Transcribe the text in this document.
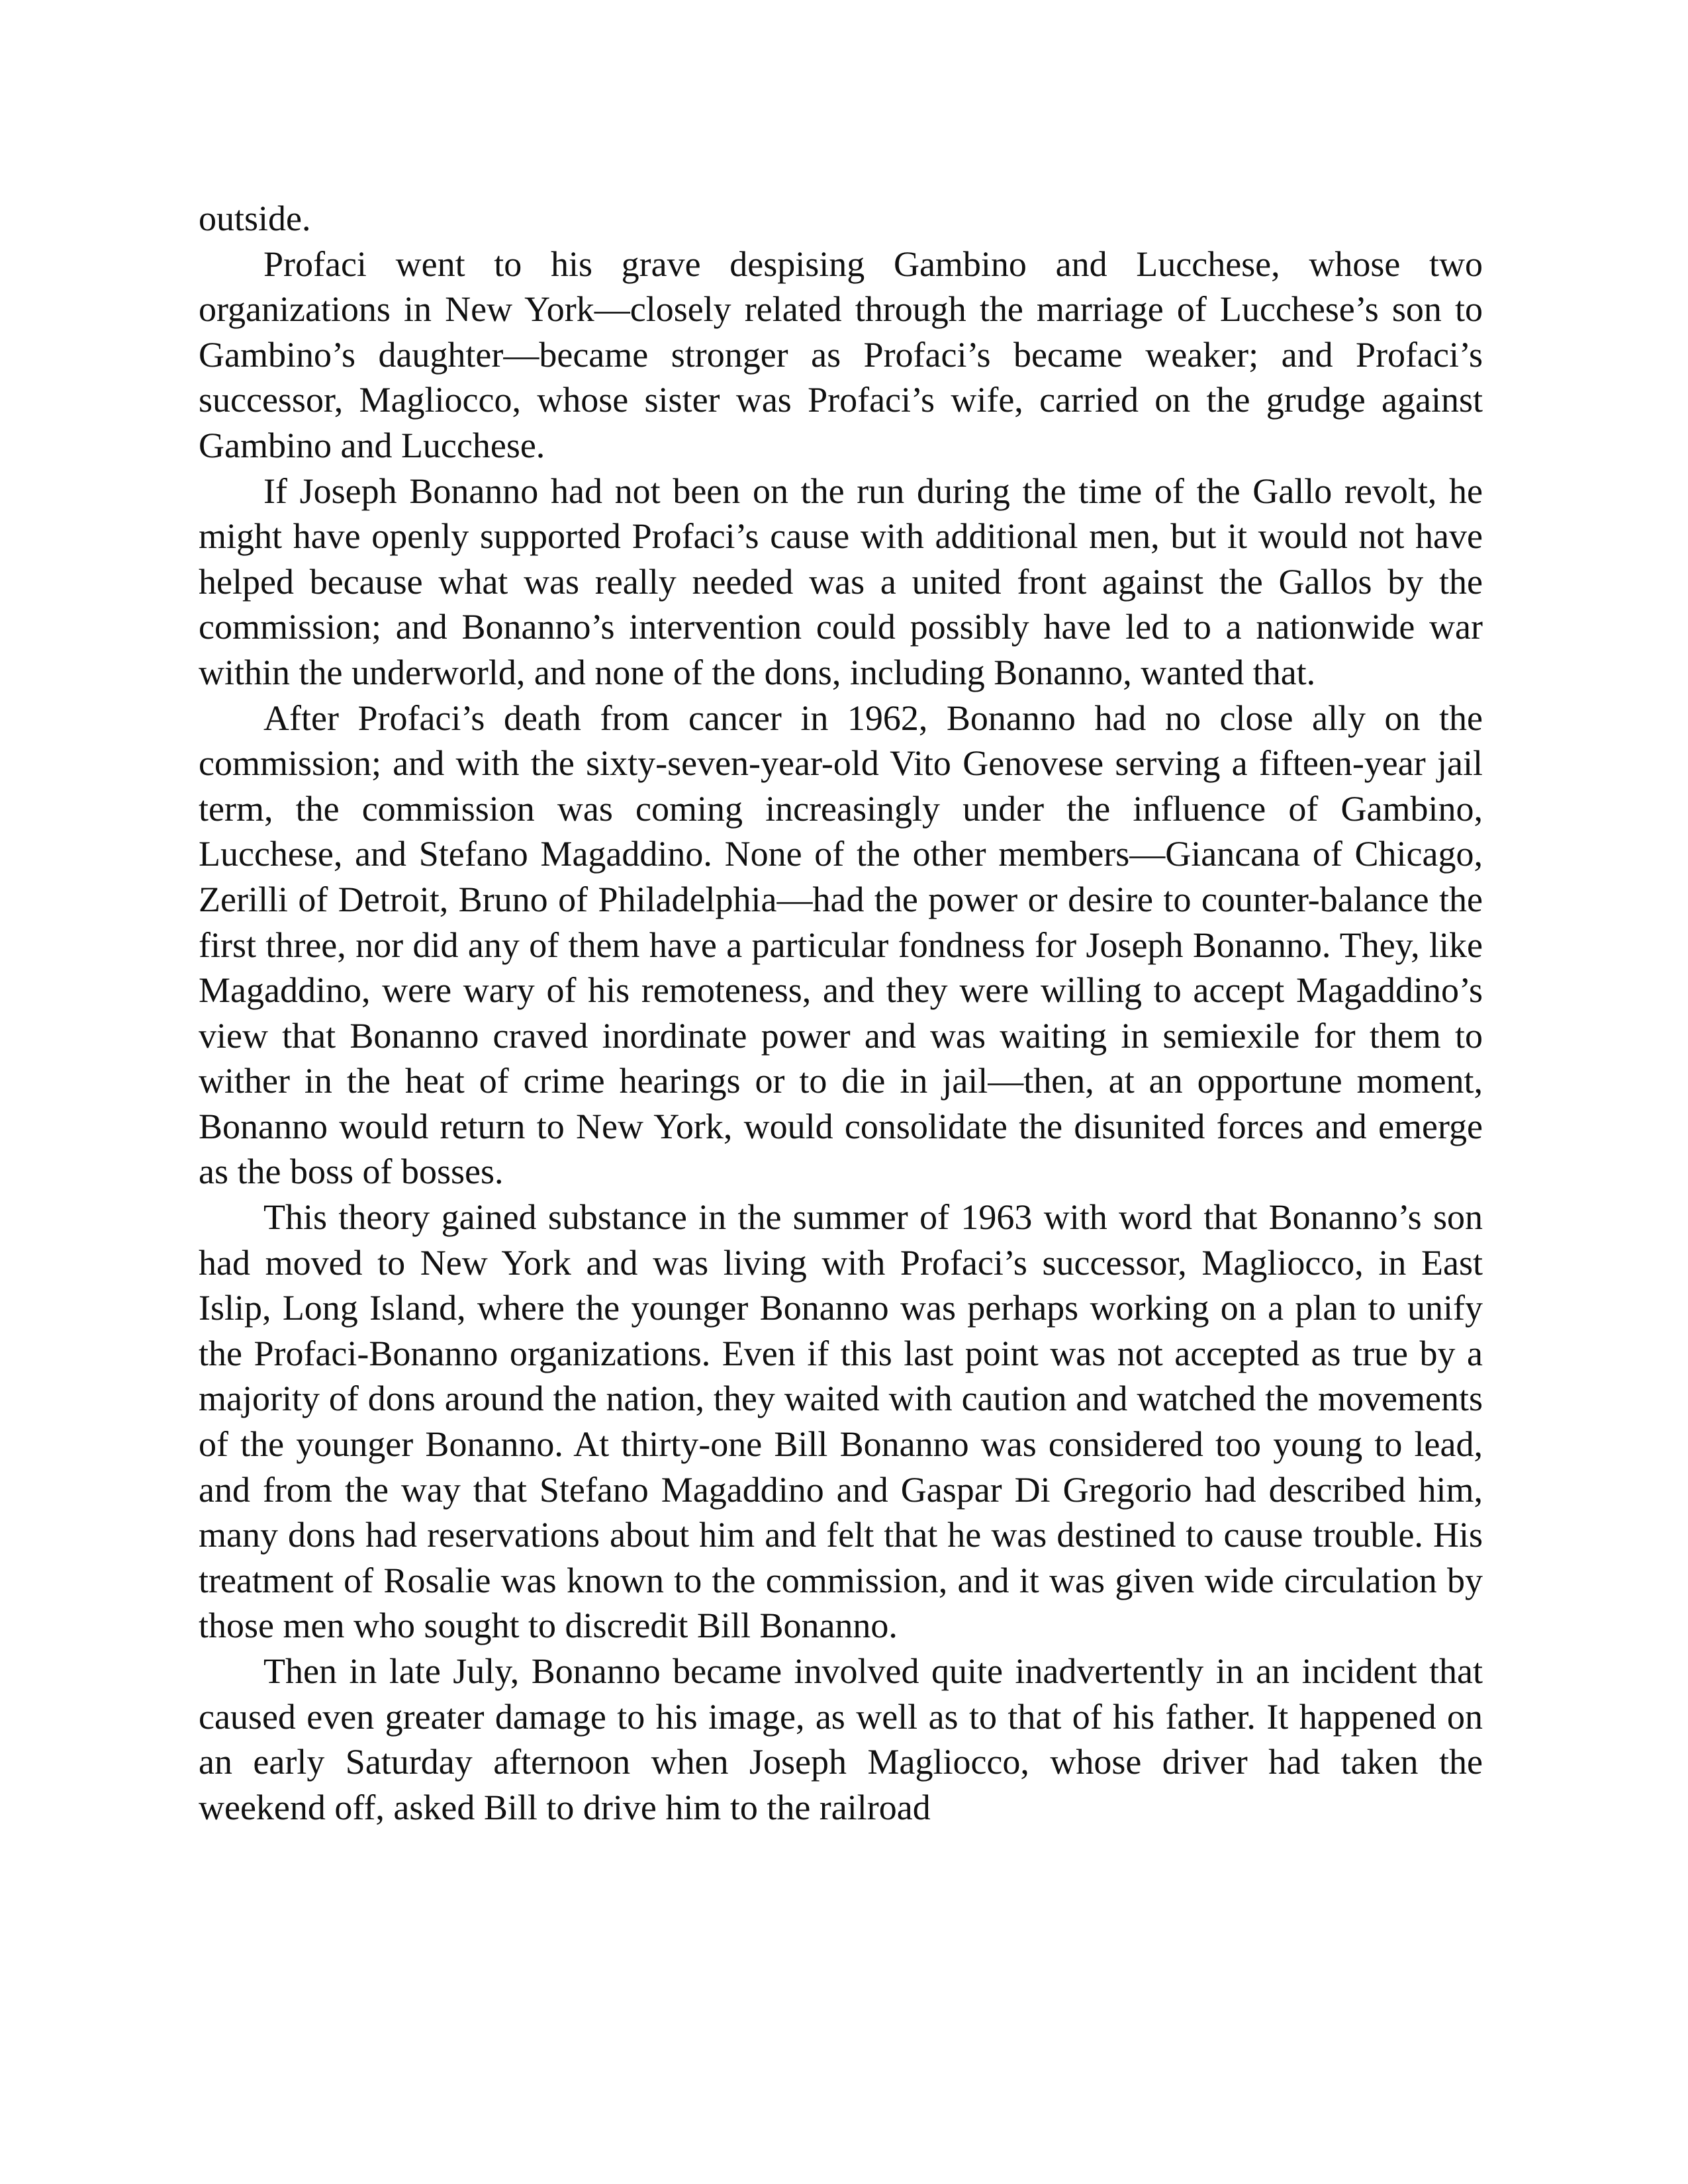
outside.

Profaci went to his grave despising Gambino and Lucchese, whose two organizations in New York—closely related through the marriage of Lucchese’s son to Gambino’s daughter—became stronger as Profaci’s became weaker; and Profaci’s successor, Magliocco, whose sister was Profaci’s wife, carried on the grudge against Gambino and Lucchese.

If Joseph Bonanno had not been on the run during the time of the Gallo revolt, he might have openly supported Profaci’s cause with additional men, but it would not have helped because what was really needed was a united front against the Gallos by the commission; and Bonanno’s intervention could possibly have led to a nationwide war within the underworld, and none of the dons, including Bonanno, wanted that.

After Profaci’s death from cancer in 1962, Bonanno had no close ally on the commission; and with the sixty-seven-year-old Vito Genovese serving a fifteen-year jail term, the commission was coming increasingly under the influence of Gambino, Lucchese, and Stefano Magaddino. None of the other members—Giancana of Chicago, Zerilli of Detroit, Bruno of Philadelphia—had the power or desire to counter-balance the first three, nor did any of them have a particular fondness for Joseph Bonanno. They, like Magaddino, were wary of his remoteness, and they were willing to accept Magaddino’s view that Bonanno craved inordinate power and was waiting in semiexile for them to wither in the heat of crime hearings or to die in jail—then, at an opportune moment, Bonanno would return to New York, would consolidate the disunited forces and emerge as the boss of bosses.

This theory gained substance in the summer of 1963 with word that Bonanno’s son had moved to New York and was living with Profaci’s successor, Magliocco, in East Islip, Long Island, where the younger Bonanno was perhaps working on a plan to unify the Profaci-Bonanno organizations. Even if this last point was not accepted as true by a majority of dons around the nation, they waited with caution and watched the movements of the younger Bonanno. At thirty-one Bill Bonanno was considered too young to lead, and from the way that Stefano Magaddino and Gaspar Di Gregorio had described him, many dons had reservations about him and felt that he was destined to cause trouble. His treatment of Rosalie was known to the commission, and it was given wide circulation by those men who sought to discredit Bill Bonanno.

Then in late July, Bonanno became involved quite inadvertently in an incident that caused even greater damage to his image, as well as to that of his father. It happened on an early Saturday afternoon when Joseph Magliocco, whose driver had taken the weekend off, asked Bill to drive him to the railroad
